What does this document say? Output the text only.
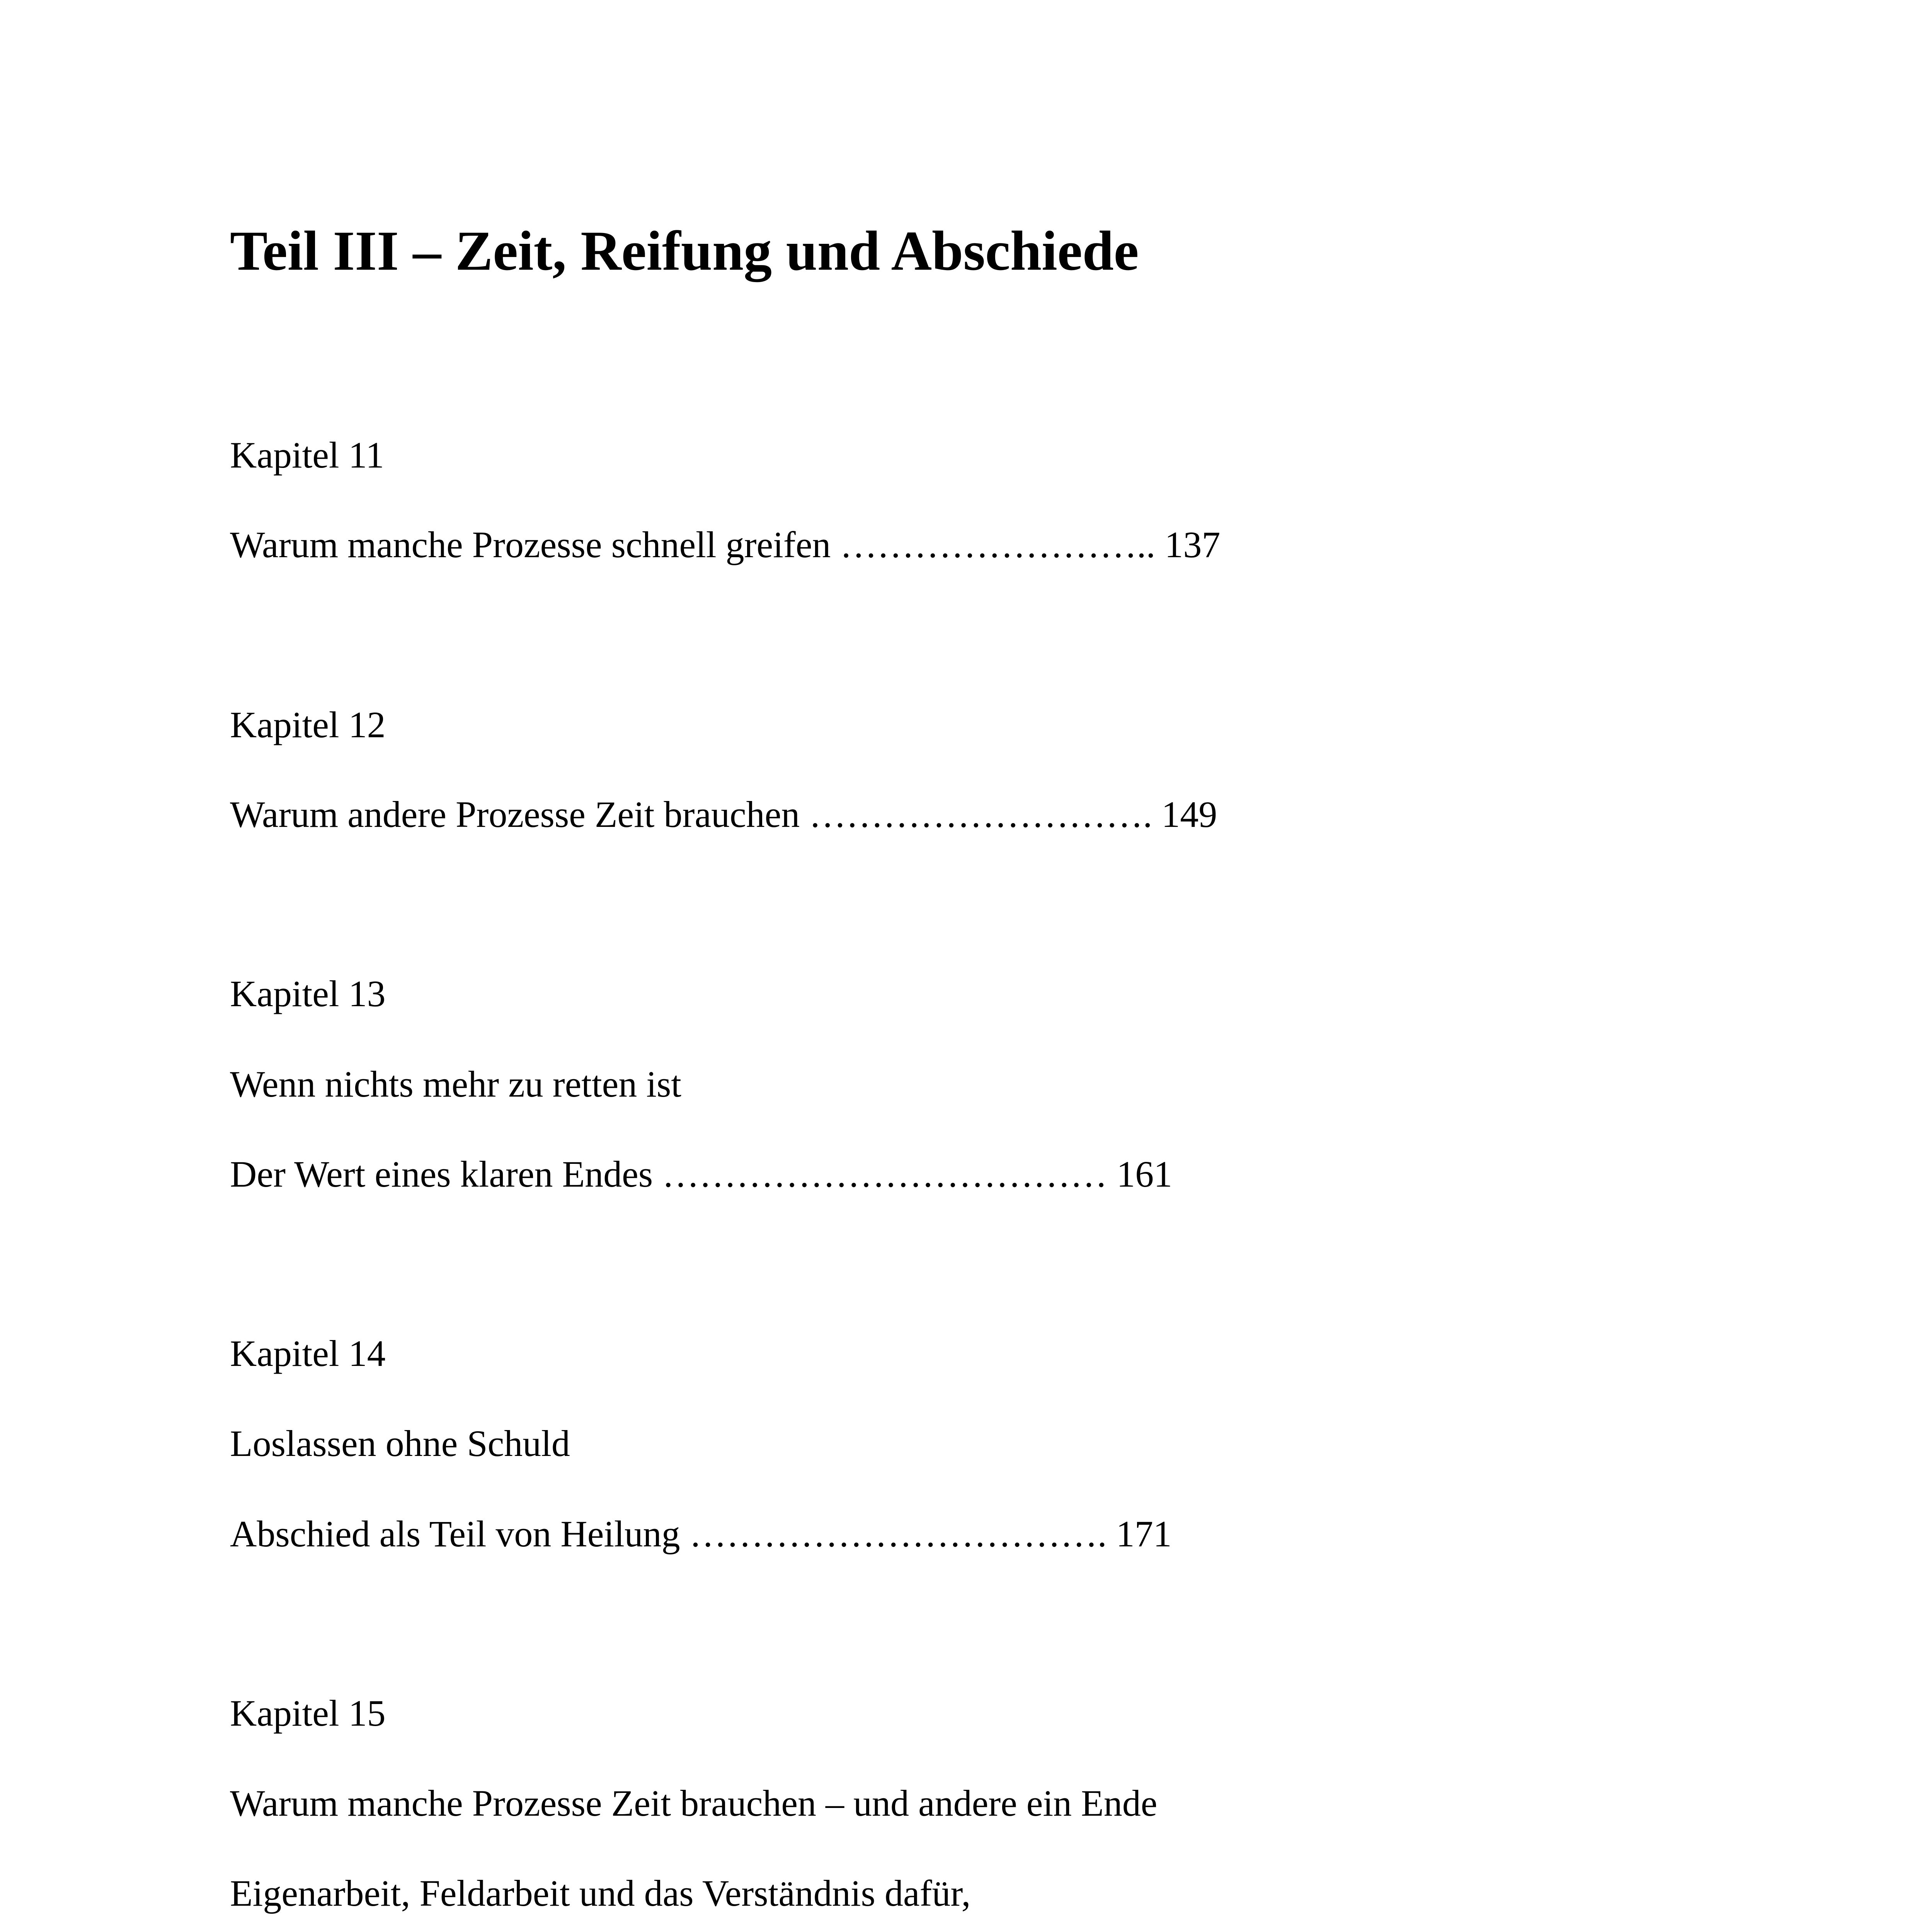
Teil III – Zeit, Reifung und Abschiede

Kapitel 11

Warum manche Prozesse schnell greifen …………………….. 137

Kapitel 12

Warum andere Prozesse Zeit brauchen ………………………. 149

Kapitel 13

Wenn nichts mehr zu retten ist

Der Wert eines klaren Endes ……………………………… 161

Kapitel 14

Loslassen ohne Schuld

Abschied als Teil von Heilung ……………………………. 171

Kapitel 15

Warum manche Prozesse Zeit brauchen – und andere ein Ende

Eigenarbeit, Feldarbeit und das Verständnis dafür,
